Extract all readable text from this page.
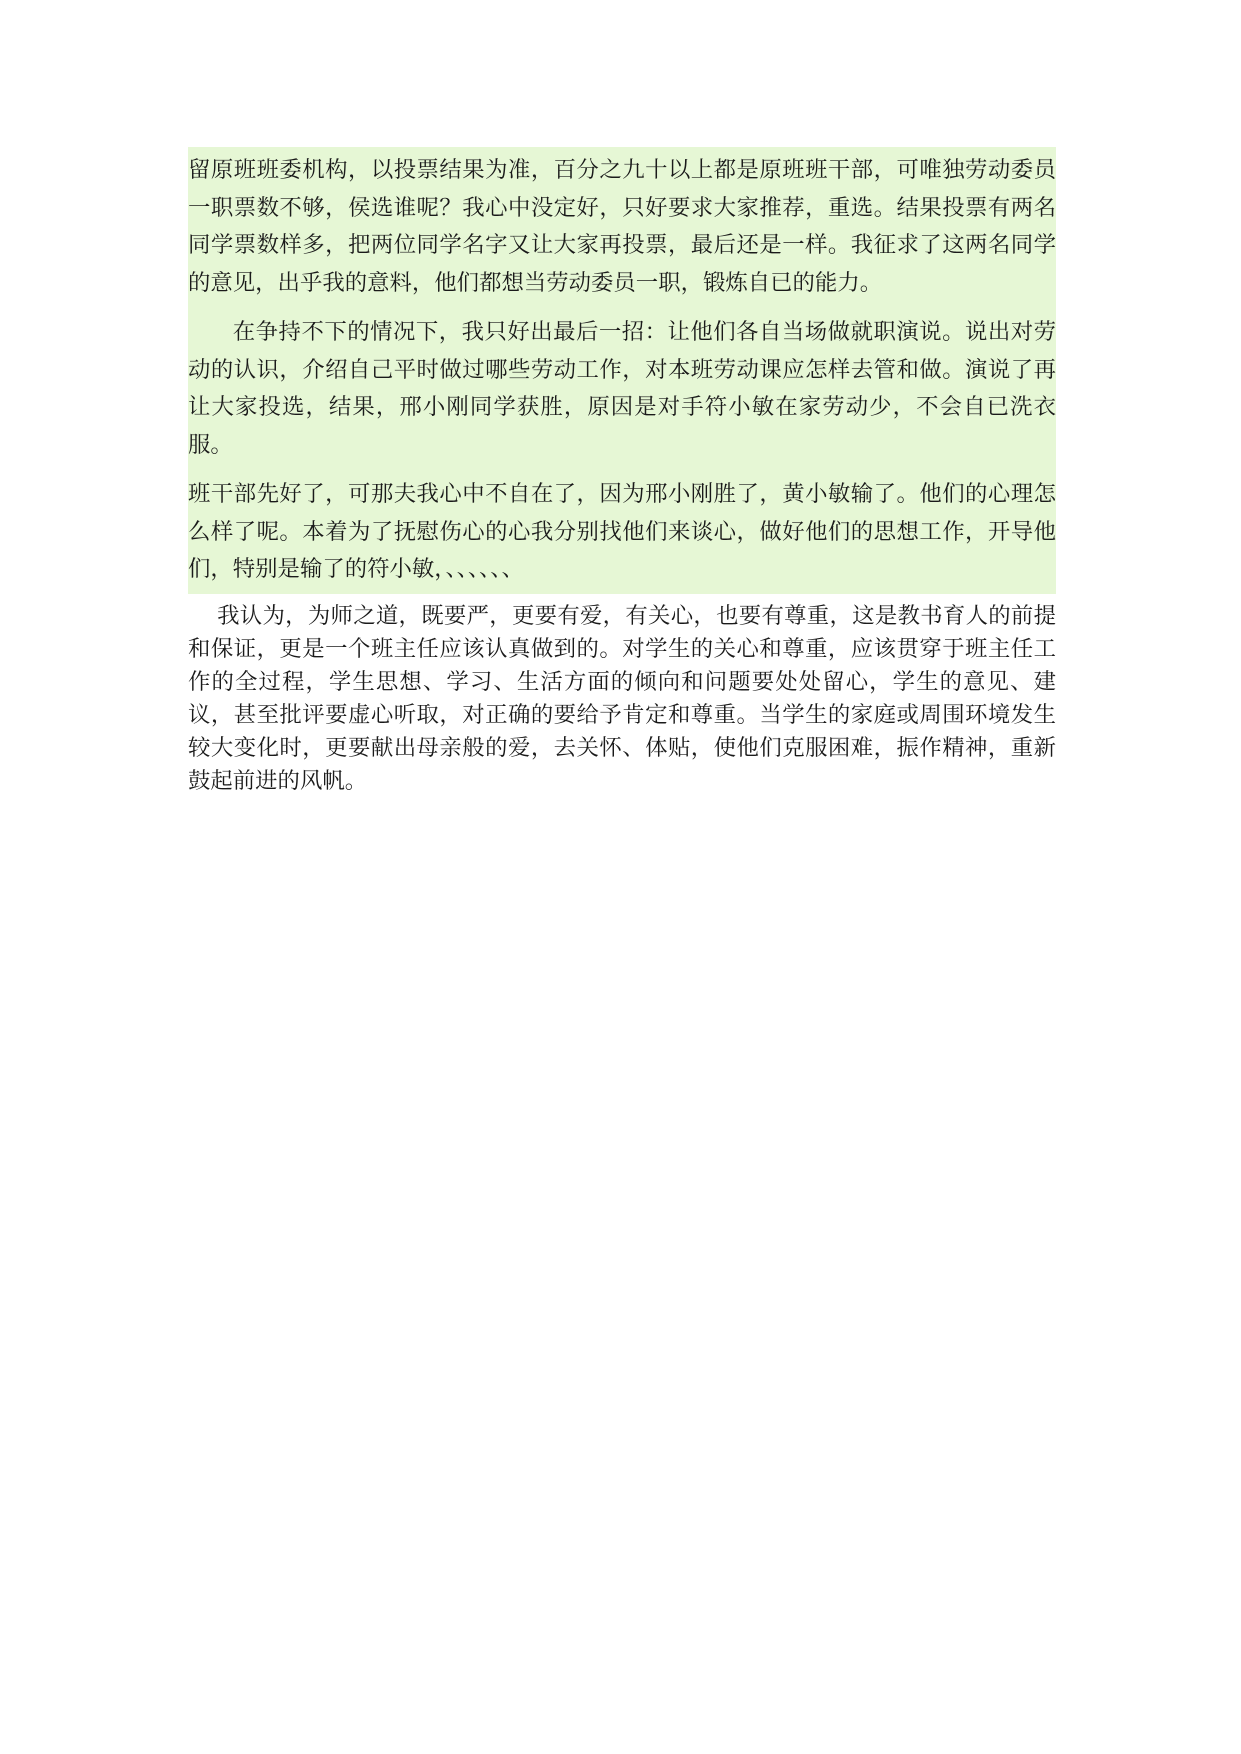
留原班班委机构，以投票结果为准，百分之九十以上都是原班班干部，可唯独劳动委员一职票数不够，侯选谁呢？我心中没定好，只好要求大家推荐，重选。结果投票有两名同学票数样多，把两位同学名字又让大家再投票，最后还是一样。我征求了这两名同学的意见，出乎我的意料，他们都想当劳动委员一职，锻炼自已的能力。

在争持不下的情况下，我只好出最后一招：让他们各自当场做就职演说。说出对劳动的认识，介绍自己平时做过哪些劳动工作，对本班劳动课应怎样去管和做。演说了再让大家投选，结果，邢小刚同学获胜，原因是对手符小敏在家劳动少，不会自已洗衣服。

班干部先好了，可那夫我心中不自在了，因为邢小刚胜了，黄小敏输了。他们的心理怎么样了呢。本着为了抚慰伤心的心我分别找他们来谈心，做好他们的思想工作，开导他们，特别是输了的符小敏，、、、、、、

我认为，为师之道，既要严，更要有爱，有关心，也要有尊重，这是教书育人的前提和保证，更是一个班主任应该认真做到的。对学生的关心和尊重，应该贯穿于班主任工作的全过程，学生思想、学习、生活方面的倾向和问题要处处留心，学生的意见、建议，甚至批评要虚心听取，对正确的要给予肯定和尊重。当学生的家庭或周围环境发生较大变化时，更要献出母亲般的爱，去关怀、体贴，使他们克服困难，振作精神，重新鼓起前进的风帆。
